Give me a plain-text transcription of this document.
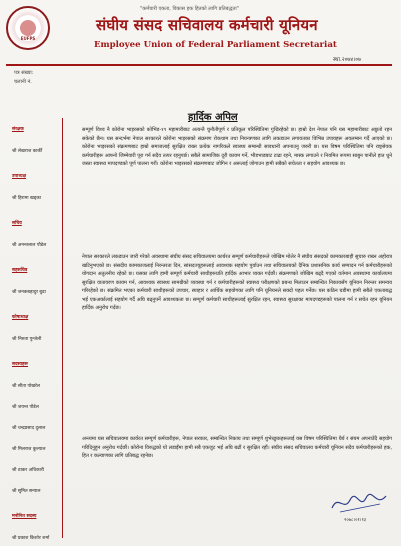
EUFPS
"कर्मचारी एकता, विकास हक हितको लागि प्रतिबद्धता"
संघीय संसद सचिवालय कर्मचारी यूनियन
Employee Union of Federal Parliament Secretariat
स्था.२०७४।०७
पत्र संख्या:
चलानी नं.
संरक्षक
श्री लेखराज कार्की
उपाध्यक्ष
श्री हिरामा खड्का
सचिव
श्री अनन्तलाल पौडेल
सहसचिव
श्री जनकबहादुर बुढा
कोषाध्यक्ष
श्री निरुता पुन्जेली
सदस्यहरू
श्री सीता पोखरेल
श्री जयन्त पौडेल
श्री चन्द्रप्रसाद दुलाल
श्री मिलराज कुल्याल
श्री ठाकर अधिकारी
श्री सुमित सन्याल
मनोनित सदस्य
श्री प्रकाश किशोर शर्मा
हार्दिक अपिल

सम्पूर्ण विश्व नै कोरोना भाइरसको कोभिड-१९ महामारीबाट अत्यन्तै चुनौतीपूर्ण र प्रतिकूल परिस्थितिमा गुज्रिरहेको छ। हाम्रो देश नेपाल पनि यस महामारीबाट अछुतो रहन सकेको छैन। यस सन्दर्भमा नेपाल सरकारले कोरोना भाइरसको संक्रमण रोकथाम तथा नियन्त्रणका लागि लकडाउन लगायतका विभिन्न उपायहरू अवलम्बन गर्दै आएको छ। कोरोना भाइरसको संक्रमणबाट हाम्रो समाजलाई सुरक्षित राख्न प्रत्येक नागरिकले स्वास्थ्य सम्बन्धी सावधानी अपनाउनु जरुरी छ। यस विषम परिस्थितिमा पनि राष्ट्रसेवक कर्मचारीहरू आफ्नो जिम्मेवारी पूरा गर्न सदैव तत्पर रहनुपर्छ। सबैले सामाजिक दूरी कायम गर्ने, भीडभाडबाट टाढा रहने, मास्क लगाउने र नियमित रूपमा साबुन पानीले हात धुने जस्ता स्वास्थ्य मापदण्डको पूर्ण पालना गरौं। कोरोना भाइरसको संक्रमणबाट जोगिन र अरूलाई जोगाउन हामी सबैको सचेतता र सहयोग आवश्यक छ।

नेपाल सरकारले लकडाउन जारी गरेको अवस्थामा संघीय संसद सचिवालयमा कार्यरत सम्पूर्ण कर्मचारीहरूले जोखिम मोलेर नै संघीय संसदको कामकारबाही सुचारु राख्न अहोरात्र खटिनुभएको छ। संसदीय कामकाजलाई निरन्तरता दिन, सांसदज्यूहरूलाई आवश्यक सहयोग पुर्याउन तथा सचिवालयको दैनिक प्रशासनिक कार्य सम्पादन गर्न कर्मचारीहरूको योगदान अतुलनीय रहेको छ। यसका लागि हामी सम्पूर्ण कर्मचारी साथीहरूप्रति हार्दिक आभार व्यक्त गर्दछौं। संक्रमणको जोखिम बढ्दै गएको वर्तमान अवस्थामा कार्यालयमा सुरक्षित वातावरण कायम गर्न, आवश्यक स्वास्थ्य सामग्रीको व्यवस्था गर्न र कर्मचारीहरूको स्वास्थ्य परीक्षणको प्रबन्ध मिलाउन सम्बन्धित निकायसँग यूनियन निरन्तर समन्वय गरिरहेको छ। संक्रमित भएका कर्मचारी साथीहरूको उपचार, स्याहार र आर्थिक सहयोगका लागि पनि यूनियनले सक्दो पहल गर्नेछ। यस कठिन घडीमा हामी सबैले एकताबद्ध भई एकअर्कालाई सहयोग गर्दै अघि बढ्नुपर्ने आवश्यकता छ। सम्पूर्ण कर्मचारी साथीहरूलाई सुरक्षित रहन, स्वास्थ्य सुरक्षाका मापदण्डहरूको पालना गर्न र सचेत रहन यूनियन हार्दिक अनुरोध गर्दछ।

अन्त्यमा यस सचिवालयमा कार्यरत सम्पूर्ण कर्मचारीहरू, नेपाल सरकार, सम्बन्धित निकाय तथा सम्पूर्ण शुभेच्छुकहरूलाई यस विषम परिस्थितिमा धैर्य र संयम अपनाउँदै सहयोग गरिदिनुहुन अनुरोध गर्दछौं। कोरोना विरुद्धको यो लडाइँमा हामी सबै एकजुट भई अघि बढौं र सुरक्षित रहौं। संघीय संसद सचिवालय कर्मचारी यूनियन सदैव कर्मचारीहरूको हक, हित र कल्याणका लागि प्रतिबद्ध रहनेछ।

२०७८।०१।१३
